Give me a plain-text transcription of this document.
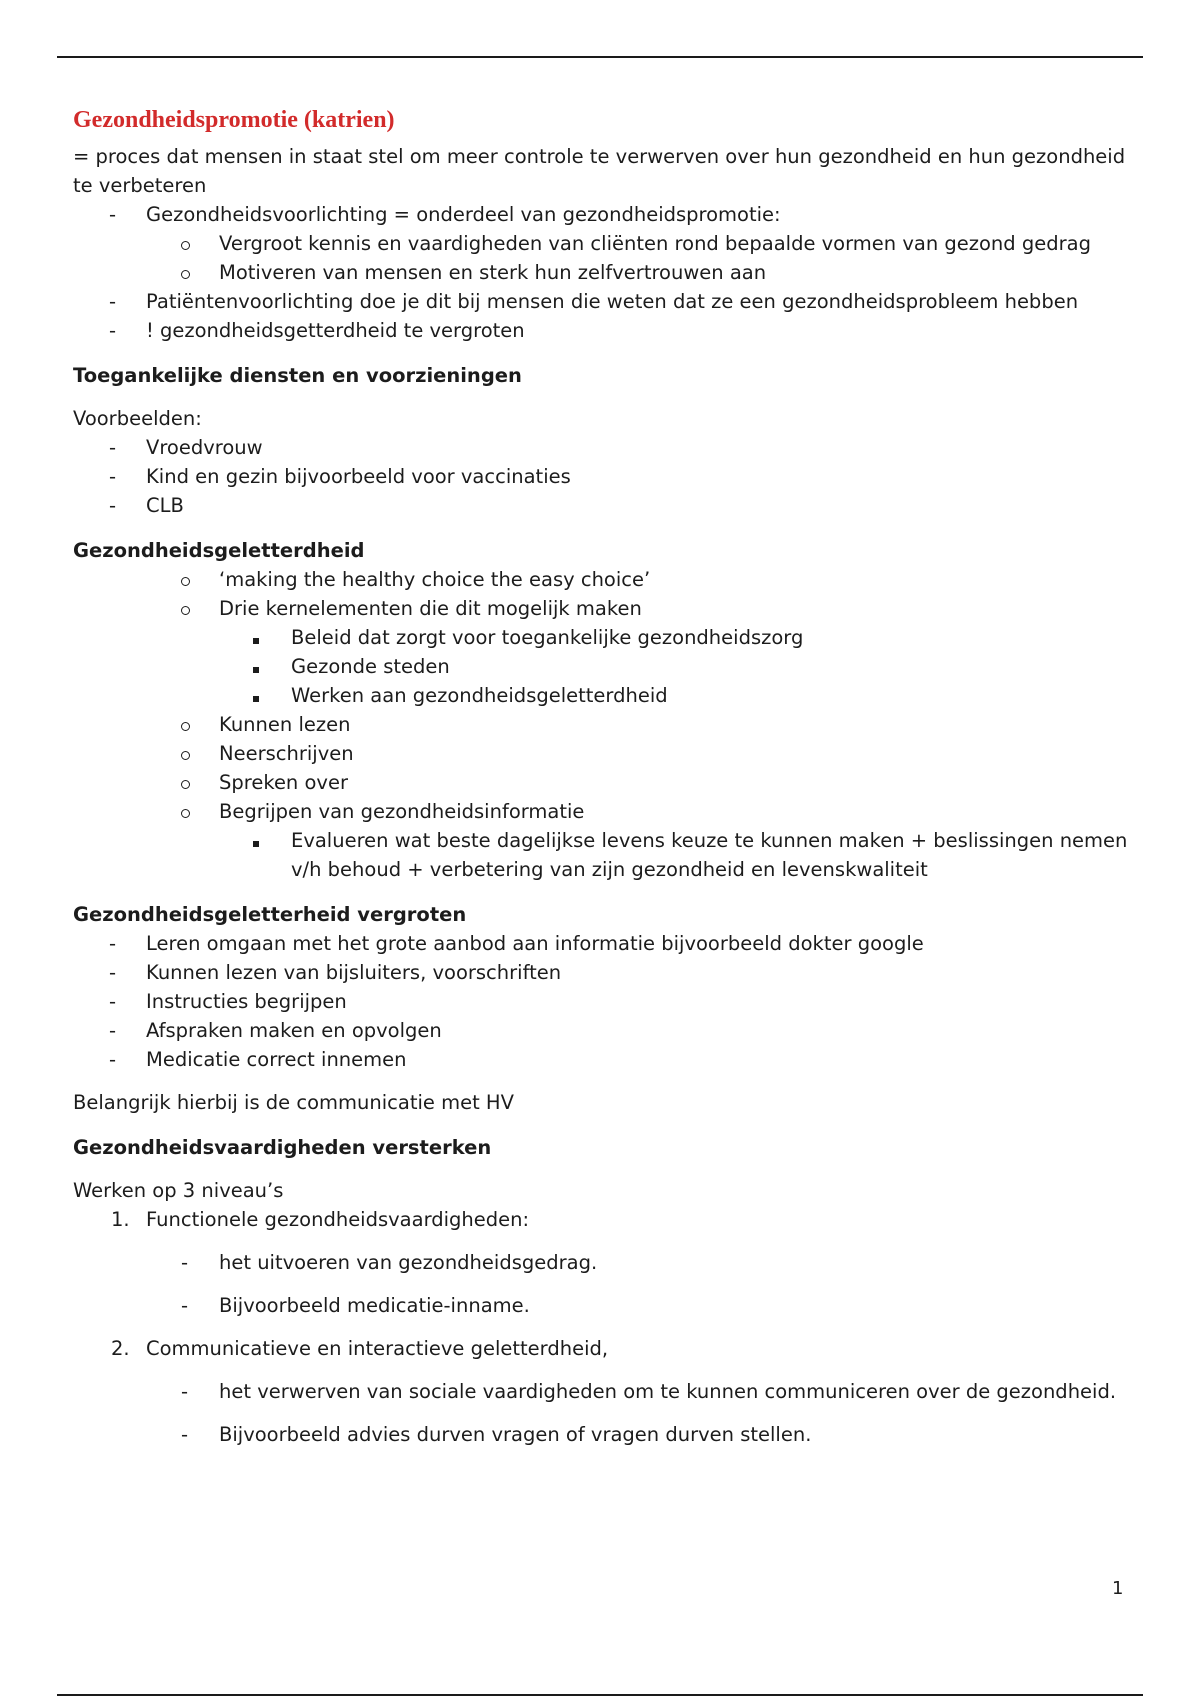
Gezondheidspromotie (katrien)

= proces dat mensen in staat stel om meer controle te verwerven over hun gezondheid en hun gezondheid te verbeteren

- Gezondheidsvoorlichting = onderdeel van gezondheidspromotie:
Vergroot kennis en vaardigheden van cliënten rond bepaalde vormen van gezond gedrag
Motiveren van mensen en sterk hun zelfvertrouwen aan
- Patiëntenvoorlichting doe je dit bij mensen die weten dat ze een gezondheidsprobleem hebben
- ! gezondheidsgetterdheid te vergroten

Toegankelijke diensten en voorzieningen

Voorbeelden:

- Vroedvrouw
- Kind en gezin bijvoorbeeld voor vaccinaties
- CLB

Gezondheidsgeletterdheid

‘making the healthy choice the easy choice’
Drie kernelementen die dit mogelijk maken
Beleid dat zorgt voor toegankelijke gezondheidszorg
Gezonde steden
Werken aan gezondheidsgeletterdheid
Kunnen lezen
Neerschrijven
Spreken over
Begrijpen van gezondheidsinformatie
Evalueren wat beste dagelijkse levens keuze te kunnen maken + beslissingen nemen v/h behoud + verbetering van zijn gezondheid en levenskwaliteit

Gezondheidsgeletterheid vergroten

- Leren omgaan met het grote aanbod aan informatie bijvoorbeeld dokter google
- Kunnen lezen van bijsluiters, voorschriften
- Instructies begrijpen
- Afspraken maken en opvolgen
- Medicatie correct innemen

Belangrijk hierbij is de communicatie met HV

Gezondheidsvaardigheden versterken

Werken op 3 niveau’s

1. Functionele gezondheidsvaardigheden:
- het uitvoeren van gezondheidsgedrag.
- Bijvoorbeeld medicatie-inname.
2. Communicatieve en interactieve geletterdheid,
- het verwerven van sociale vaardigheden om te kunnen communiceren over de gezondheid.
- Bijvoorbeeld advies durven vragen of vragen durven stellen.
1
